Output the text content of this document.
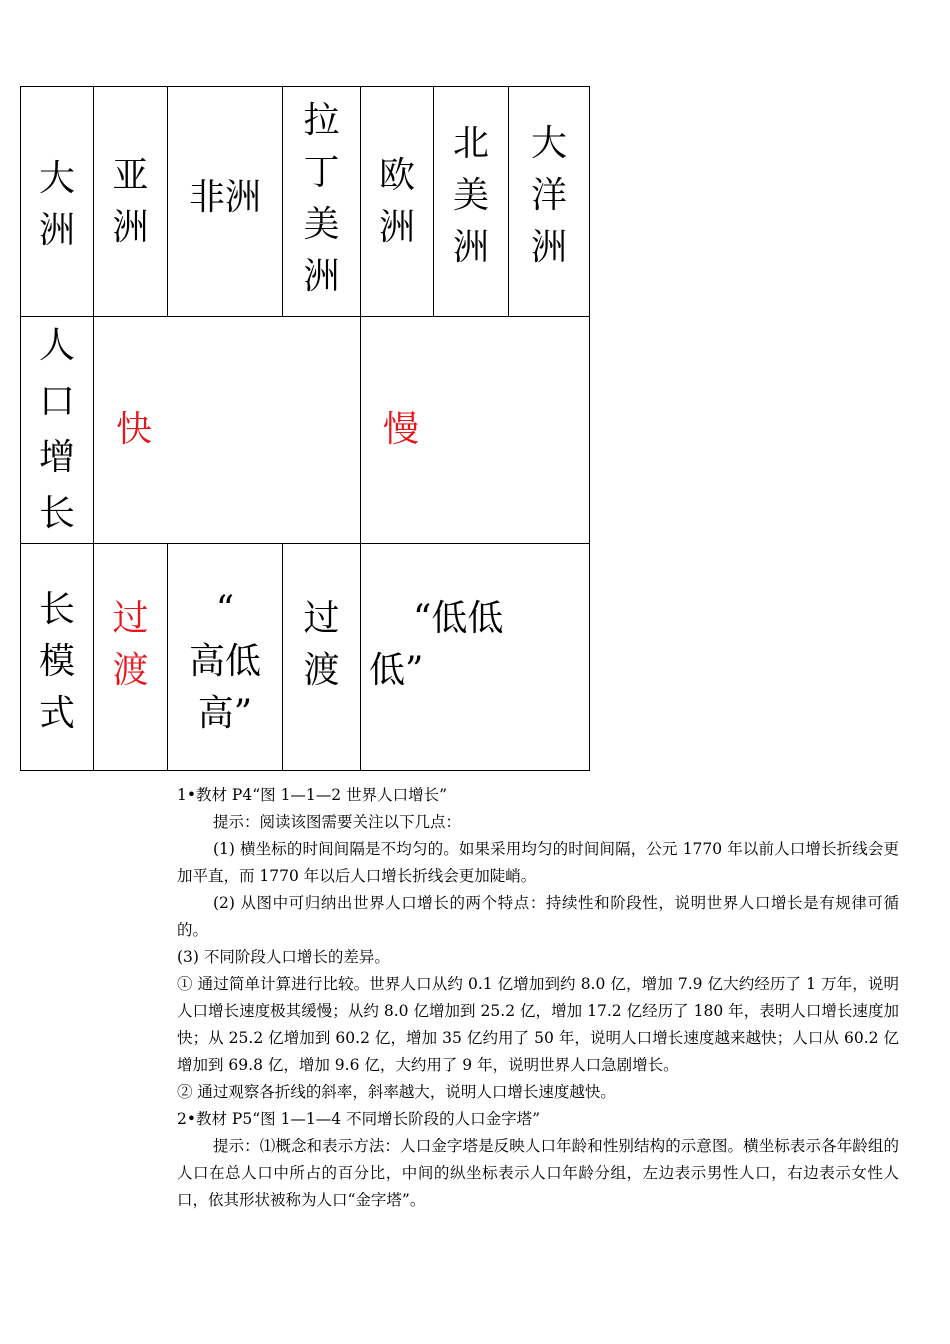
大
洲
亚
洲
非洲
拉
丁
美
洲
欧
洲
北
美
洲
大
洋
洲
人
口
增
长
快	慢
长
模
式
过
渡
“
高低
高”
过
渡
“低低
低”

1•教材 P4“图 1—1—2 世界人口增长”

提示：阅读该图需要关注以下几点：

(1) 横坐标的时间间隔是不均匀的。如果采用均匀的时间间隔，公元 1770 年以前人口增长折线会更加平直，而 1770 年以后人口增长折线会更加陡峭。

(2) 从图中可归纳出世界人口增长的两个特点：持续性和阶段性，说明世界人口增长是有规律可循的。

(3) 不同阶段人口增长的差异。

① 通过简单计算进行比较。世界人口从约 0.1 亿增加到约 8.0 亿，增加 7.9 亿大约经历了 1 万年，说明人口增长速度极其缓慢；从约 8.0 亿增加到 25.2 亿，增加 17.2 亿经历了 180 年，表明人口增长速度加快；从 25.2 亿增加到 60.2 亿，增加 35 亿约用了 50 年，说明人口增长速度越来越快；人口从 60.2 亿增加到 69.8 亿，增加 9.6 亿，大约用了 9 年，说明世界人口急剧增长。

② 通过观察各折线的斜率，斜率越大，说明人口增长速度越快。

2•教材 P5“图 1—1—4 不同增长阶段的人口金字塔”

提示：⑴概念和表示方法：人口金字塔是反映人口年龄和性别结构的示意图。横坐标表示各年龄组的人口在总人口中所占的百分比，中间的纵坐标表示人口年龄分组，左边表示男性人口，右边表示女性人口，依其形状被称为人口“金字塔”。
